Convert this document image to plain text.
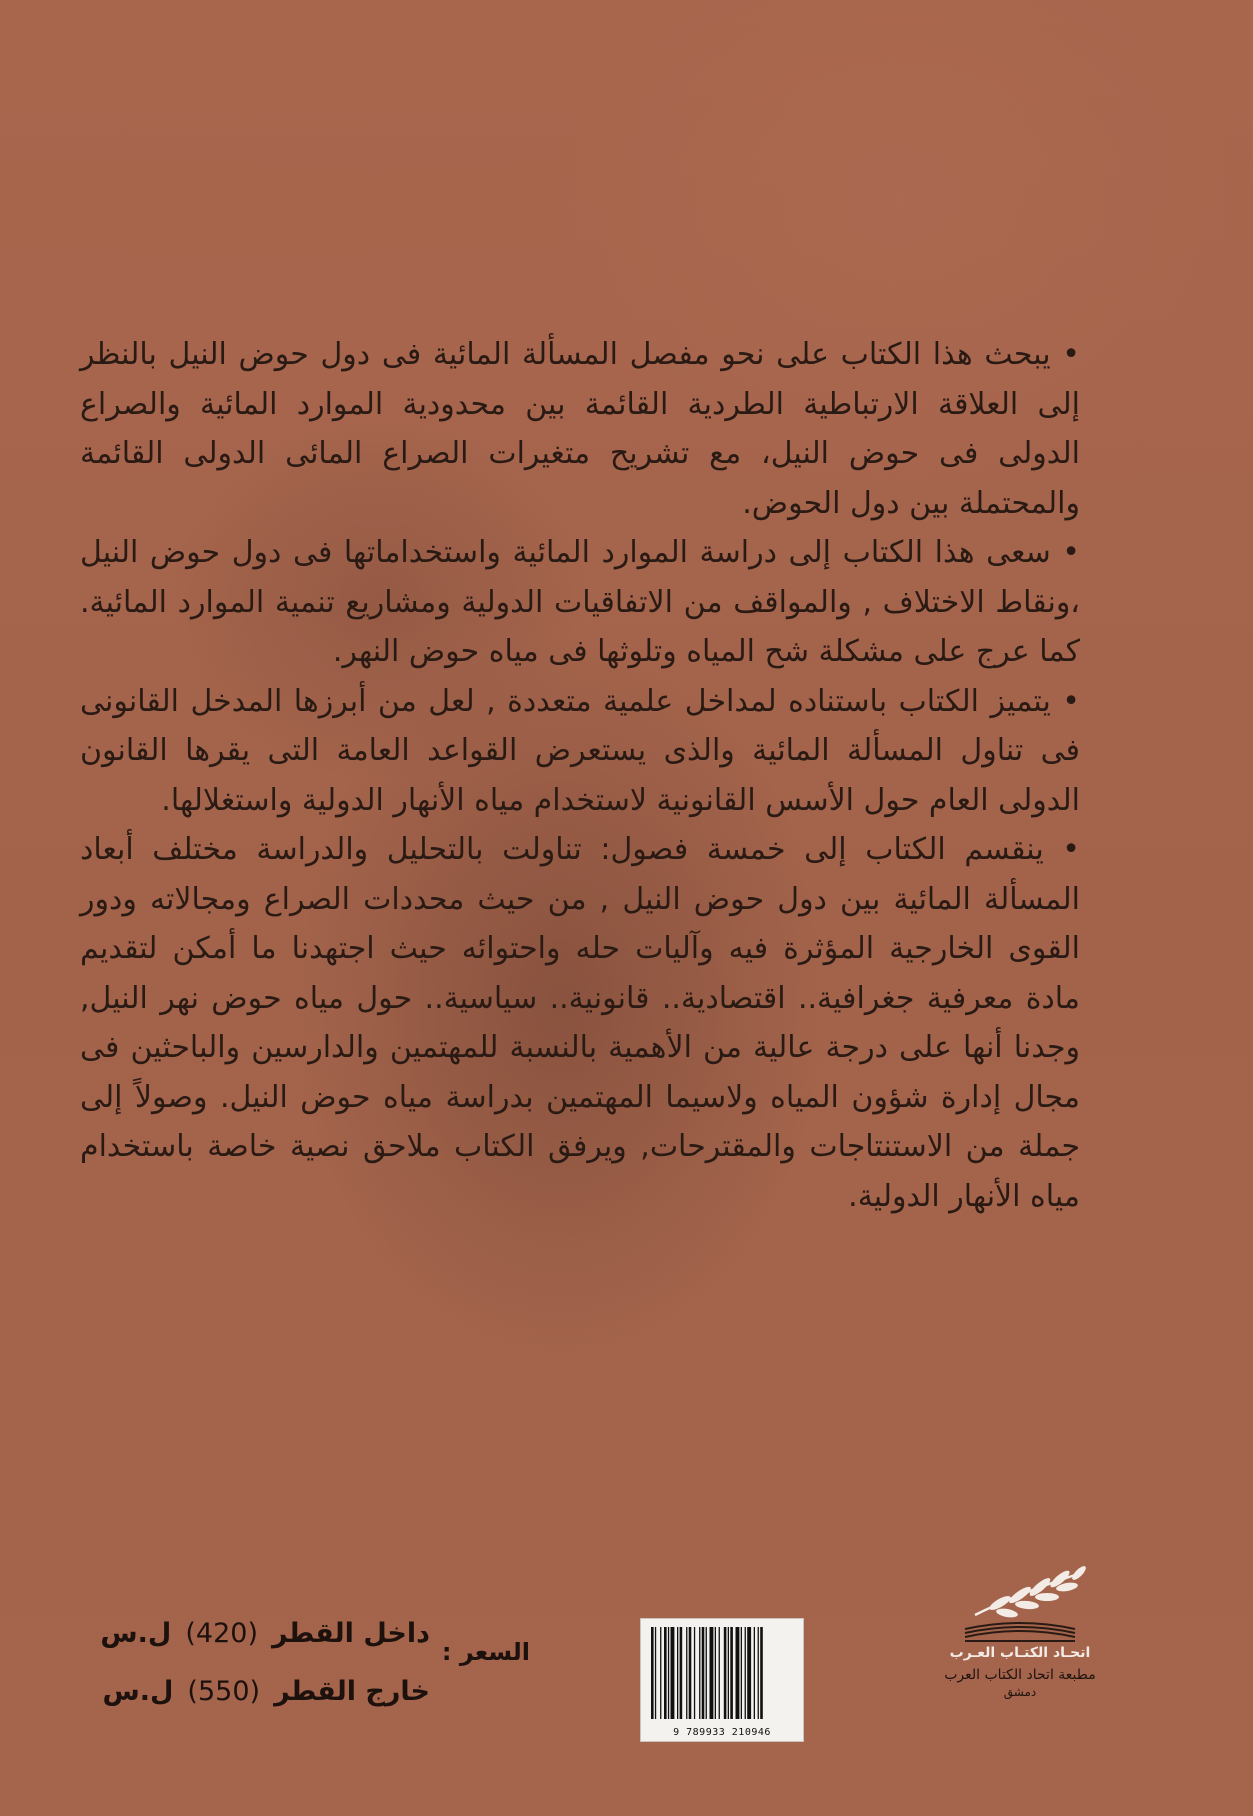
• يبحث هذا الكتاب على نحو مفصل المسألة المائية فى دول حوض النيل بالنظر إلى العلاقة الارتباطية الطردية القائمة بين محدودية الموارد المائية والصراع الدولى فى حوض النيل، مع تشريح متغيرات الصراع المائى الدولى القائمة والمحتملة بين دول الحوض.

• سعى هذا الكتاب إلى دراسة الموارد المائية واستخداماتها فى دول حوض النيل ،ونقاط الاختلاف , والمواقف من الاتفاقيات الدولية ومشاريع تنمية الموارد المائية. كما عرج على مشكلة شح المياه وتلوثها فى مياه حوض النهر.

• يتميز الكتاب باستناده لمداخل علمية متعددة , لعل من أبرزها المدخل القانونى فى تناول المسألة المائية والذى يستعرض القواعد العامة التى يقرها القانون الدولى العام حول الأسس القانونية لاستخدام مياه الأنهار الدولية واستغلالها.

• ينقسم الكتاب إلى خمسة فصول: تناولت بالتحليل والدراسة مختلف أبعاد المسألة المائية بين دول حوض النيل , من حيث محددات الصراع ومجالاته ودور القوى الخارجية المؤثرة فيه وآليات حله واحتوائه حيث اجتهدنا ما أمكن لتقديم مادة معرفية جغرافية.. اقتصادية.. قانونية.. سياسية.. حول مياه حوض نهر النيل, وجدنا أنها على درجة عالية من الأهمية بالنسبة للمهتمين والدارسين والباحثين فى مجال إدارة شؤون المياه ولاسيما المهتمين بدراسة مياه حوض النيل. وصولاً إلى جملة من الاستنتاجات والمقترحات, ويرفق الكتاب ملاحق نصية خاصة باستخدام مياه الأنهار الدولية.

السعر :
داخل القطر(420)ل.س
خارج القطر(550)ل.س
9 789933 210946
اتحـاد الكتـاب العـرب
مطبعة اتحاد الكتاب العرب
دمشق
